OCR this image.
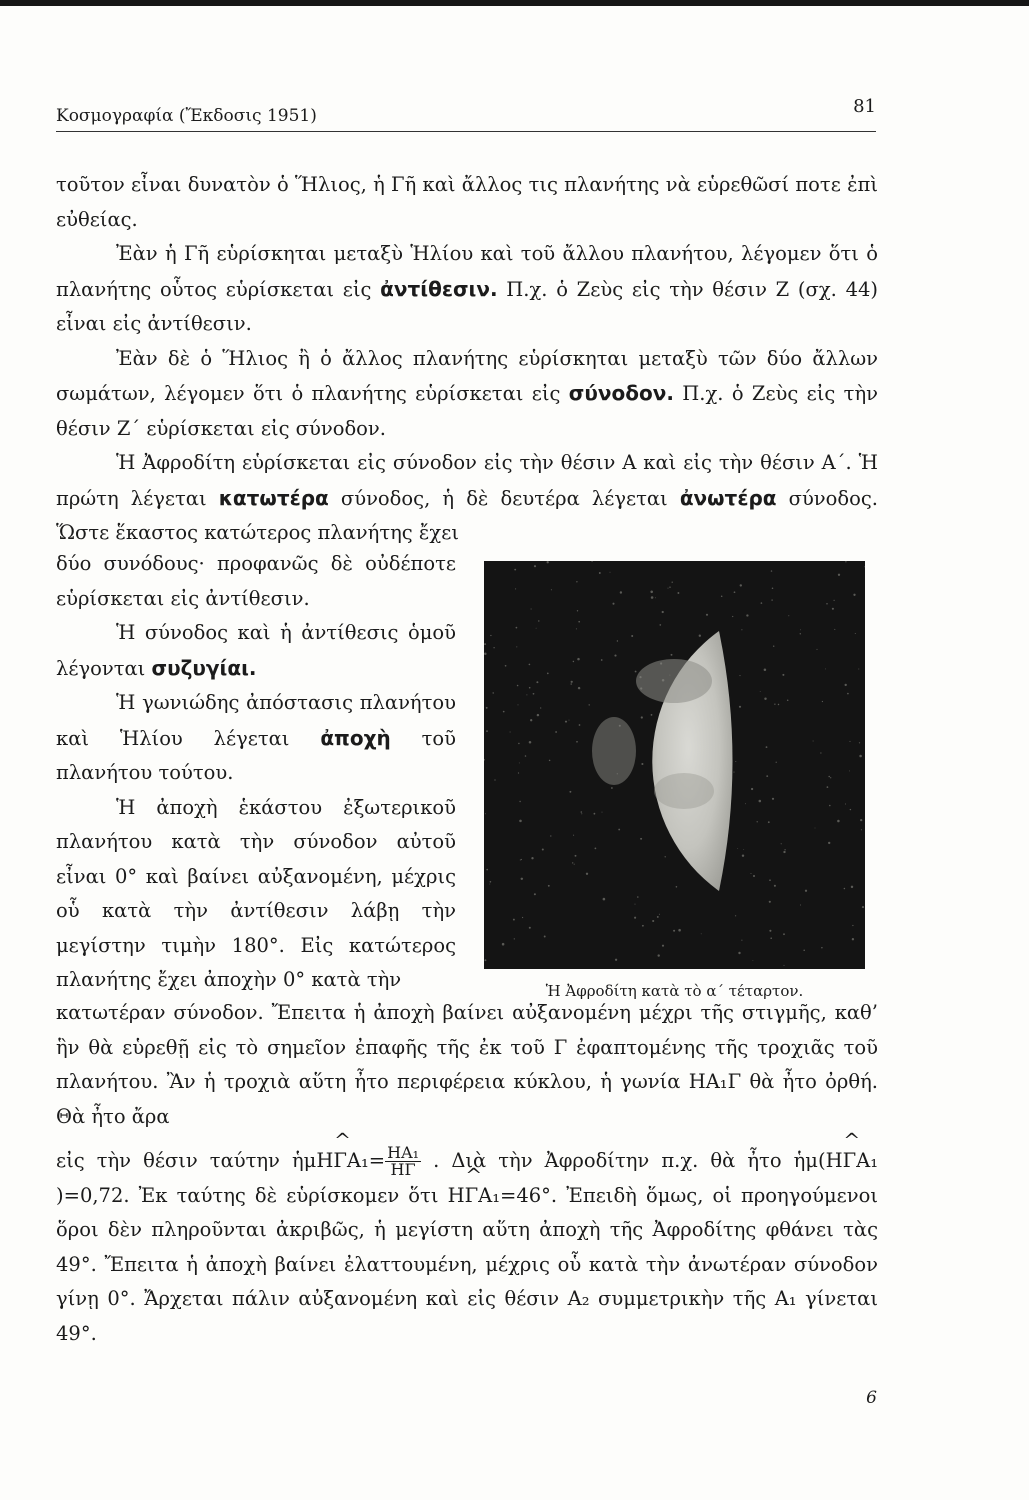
Κοσμογραφία (Ἔκδοσις 1951)	81

τοῦτον εἶναι δυνατὸν ὁ Ἥλιος, ἡ Γῆ καὶ ἄλλος τις πλανήτης νὰ εὑρεθῶσί ποτε ἐπὶ εὐθείας.

Ἐὰν ἡ Γῆ εὑρίσκηται μεταξὺ Ἡλίου καὶ τοῦ ἄλλου πλανήτου, λέγομεν ὅτι ὁ πλανήτης οὗτος εὑρίσκεται εἰς ἀντίθεσιν. Π.χ. ὁ Ζεὺς εἰς τὴν θέσιν Ζ (σχ. 44) εἶναι εἰς ἀντίθεσιν.

Ἐὰν δὲ ὁ Ἥλιος ἢ ὁ ἄλλος πλανήτης εὑρίσκηται μεταξὺ τῶν δύο ἄλλων σωμάτων, λέγομεν ὅτι ὁ πλανήτης εὑρίσκεται εἰς σύνοδον. Π.χ. ὁ Ζεὺς εἰς τὴν θέσιν Ζ΄ εὑρίσκεται εἰς σύνοδον.

Ἡ Ἀφροδίτη εὑρίσκεται εἰς σύνοδον εἰς τὴν θέσιν Α καὶ εἰς τὴν θέσιν Α΄. Ἡ πρώτη λέγεται κατωτέρα σύνοδος, ἡ δὲ δευτέρα λέγεται ἀνωτέρα σύνοδος. Ὥστε ἕκαστος κατώτερος πλανήτης ἔχει

δύο συνόδους· προφανῶς δὲ οὐδέποτε εὑρίσκεται εἰς ἀντίθεσιν.

Ἡ σύνοδος καὶ ἡ ἀντίθεσις ὁμοῦ λέγονται συζυγίαι.

Ἡ γωνιώδης ἀπόστασις πλανήτου καὶ Ἡλίου λέγεται ἀποχὴ τοῦ πλανήτου τούτου.

Ἡ ἀποχὴ ἑκάστου ἐξωτερικοῦ πλανήτου κατὰ τὴν σύνοδον αὐτοῦ εἶναι 0° καὶ βαίνει αὐξανομένη, μέχρις οὗ κατὰ τὴν ἀντίθεσιν λάβῃ τὴν μεγίστην τιμὴν 180°. Εἰς κατώτερος πλανήτης ἔχει ἀποχὴν 0° κατὰ τὴν	Ἡ Ἀφροδίτη κατὰ τὸ α΄ τέταρτον.

κατωτέραν σύνοδον. Ἔπειτα ἡ ἀποχὴ βαίνει αὐξανομένη μέχρι τῆς στιγμῆς, καθ’ ἣν θὰ εὑρεθῇ εἰς τὸ σημεῖον ἐπαφῆς τῆς ἐκ τοῦ Γ ἐφαπτομένης τῆς τροχιᾶς τοῦ πλανήτου. Ἂν ἡ τροχιὰ αὕτη ἦτο περιφέρεια κύκλου, ἡ γωνία ΗΑ₁Γ θὰ ἦτο ὀρθή. Θὰ ἦτο ἄρα

εἰς τὴν θέσιν ταύτην ἡμ^ $H\Gamma A_1= \frac{\text{ΗΑ₁}}{H\Gamma}$ . Διὰ τὴν Ἀφροδίτην π.χ. θὰ ἦτο ἡμ(^ ΗΓΑ₁)=0,72. Ἐκ ταύτης δὲ εὑρίσκομεν ὅτι ^ ΗΓΑ₁=46°. Ἐπειδὴ ὅμως, οἱ προηγούμενοι ὅροι δὲν πληροῦνται ἀκριβῶς, ἡ μεγίστη αὕτη ἀποχὴ τῆς Ἀφροδίτης φθάνει τὰς 49°. Ἔπειτα ἡ ἀποχὴ βαίνει ἐλαττουμένη, μέχρις οὗ κατὰ τὴν ἀνωτέραν σύνοδον γίνῃ 0°. Ἄρχεται πάλιν αὐξανομένη καὶ εἰς θέσιν Α₂ συμμετρικὴν τῆς Α₁ γίνεται 49°.

6
